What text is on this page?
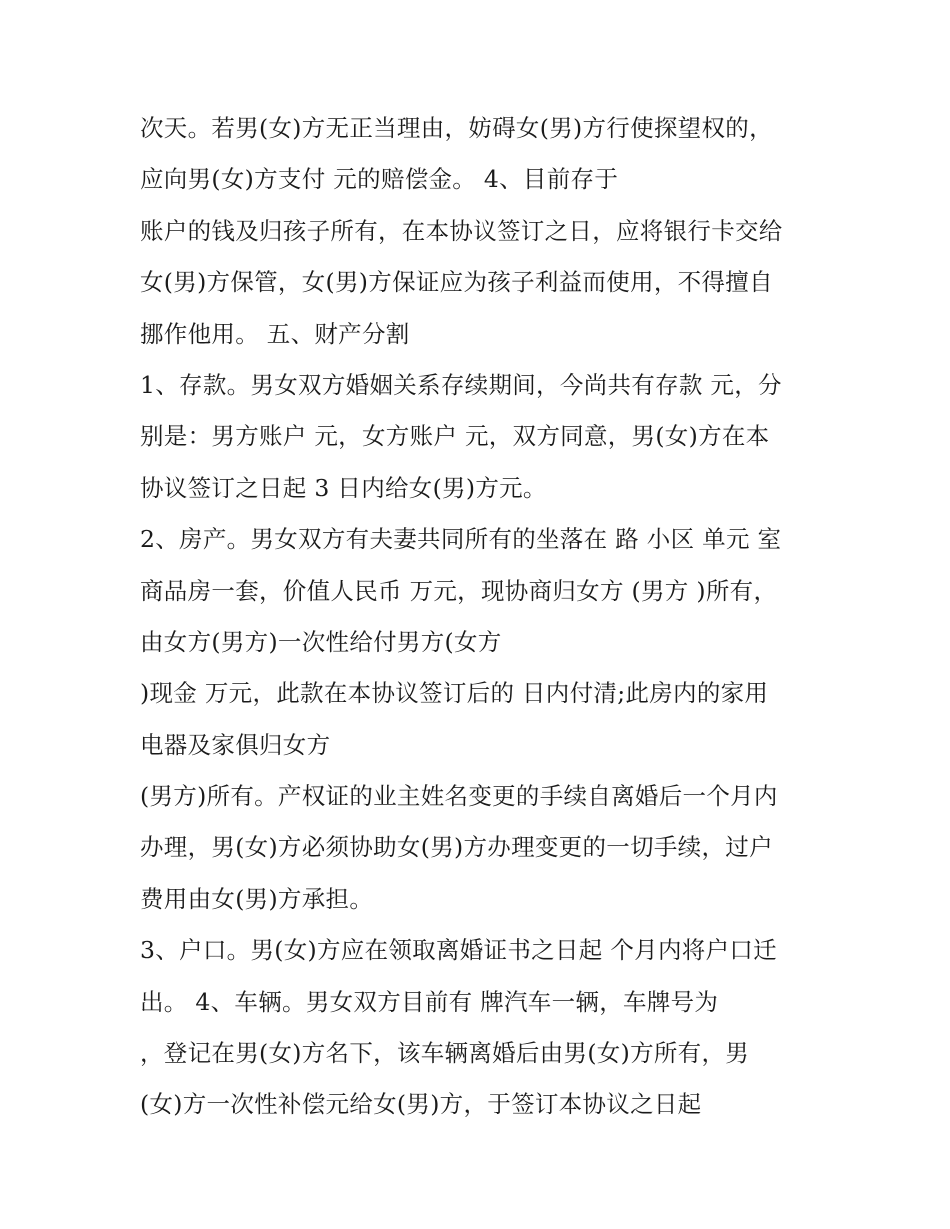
次天。若男(女)方无正当理由，妨碍女(男)方行使探望权的，
应向男(女)方支付 元的赔偿金。 4、目前存于
账户的钱及归孩子所有，在本协议签订之日，应将银行卡交给
女(男)方保管，女(男)方保证应为孩子利益而使用，不得擅自
挪作他用。 五、财产分割
1、存款。男女双方婚姻关系存续期间，今尚共有存款 元，分
别是：男方账户 元，女方账户 元，双方同意，男(女)方在本
协议签订之日起 3 日内给女(男)方元。
2、房产。男女双方有夫妻共同所有的坐落在 路 小区 单元 室
商品房一套，价值人民币 万元，现协商归女方 (男方 )所有，
由女方(男方)一次性给付男方(女方
)现金 万元，此款在本协议签订后的 日内付清;此房内的家用
电器及家俱归女方
(男方)所有。产权证的业主姓名变更的手续自离婚后一个月内
办理，男(女)方必须协助女(男)方办理变更的一切手续，过户
费用由女(男)方承担。
3、户口。男(女)方应在领取离婚证书之日起 个月内将户口迁
出。 4、车辆。男女双方目前有 牌汽车一辆，车牌号为
，登记在男(女)方名下，该车辆离婚后由男(女)方所有，男
(女)方一次性补偿元给女(男)方，于签订本协议之日起
